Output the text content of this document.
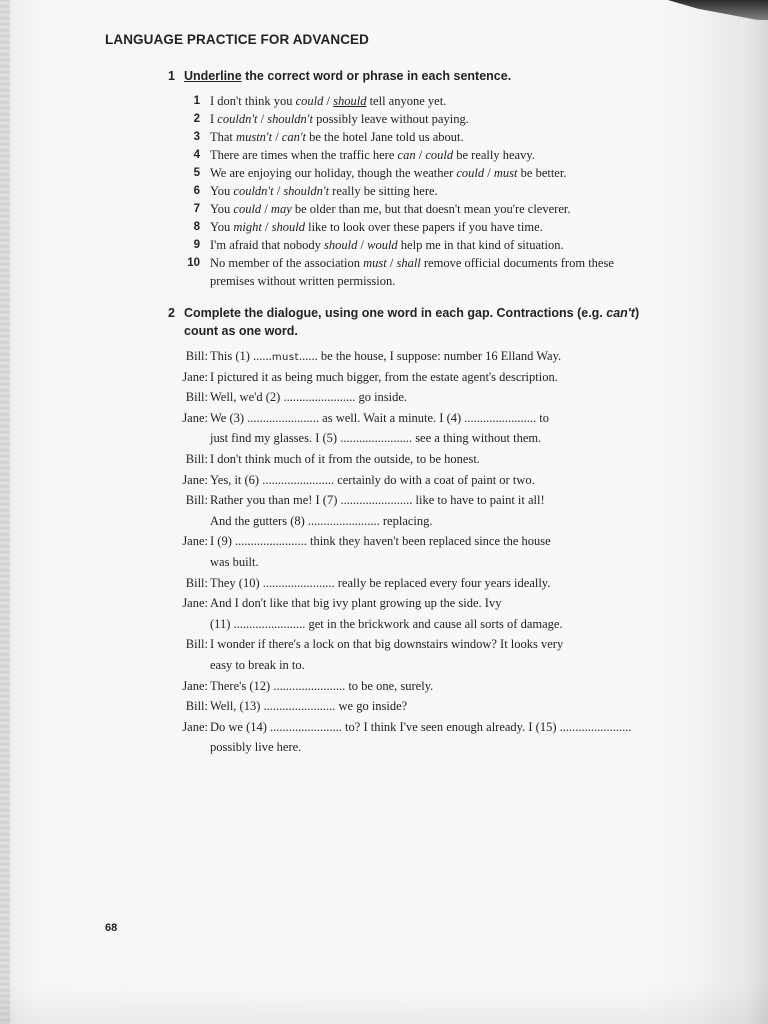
LANGUAGE PRACTICE FOR ADVANCED
1 Underline the correct word or phrase in each sentence.
1 I don't think you could / should tell anyone yet.
2 I couldn't / shouldn't possibly leave without paying.
3 That mustn't / can't be the hotel Jane told us about.
4 There are times when the traffic here can / could be really heavy.
5 We are enjoying our holiday, though the weather could / must be better.
6 You couldn't / shouldn't really be sitting here.
7 You could / may be older than me, but that doesn't mean you're cleverer.
8 You might / should like to look over these papers if you have time.
9 I'm afraid that nobody should / would help me in that kind of situation.
10 No member of the association must / shall remove official documents from these
premises without written permission.
2 Complete the dialogue, using one word in each gap. Contractions (e.g. can't)
count as one word.
Bill: This (1) ......must...... be the house, I suppose: number 16 Elland Way.
Jane: I pictured it as being much bigger, from the estate agent's description.
Bill: Well, we'd (2) ....................... go inside.
Jane: We (3) ....................... as well. Wait a minute. I (4) ....................... to
just find my glasses. I (5) ....................... see a thing without them.
Bill: I don't think much of it from the outside, to be honest.
Jane: Yes, it (6) ....................... certainly do with a coat of paint or two.
Bill: Rather you than me! I (7) ....................... like to have to paint it all!
And the gutters (8) ....................... replacing.
Jane: I (9) ....................... think they haven't been replaced since the house
was built.
Bill: They (10) ....................... really be replaced every four years ideally.
Jane: And I don't like that big ivy plant growing up the side. Ivy
(11) ....................... get in the brickwork and cause all sorts of damage.
Bill: I wonder if there's a lock on that big downstairs window? It looks very
easy to break in to.
Jane: There's (12) ....................... to be one, surely.
Bill: Well, (13) ....................... we go inside?
Jane: Do we (14) ....................... to? I think I've seen enough already. I (15) .......................
possibly live here.
68
